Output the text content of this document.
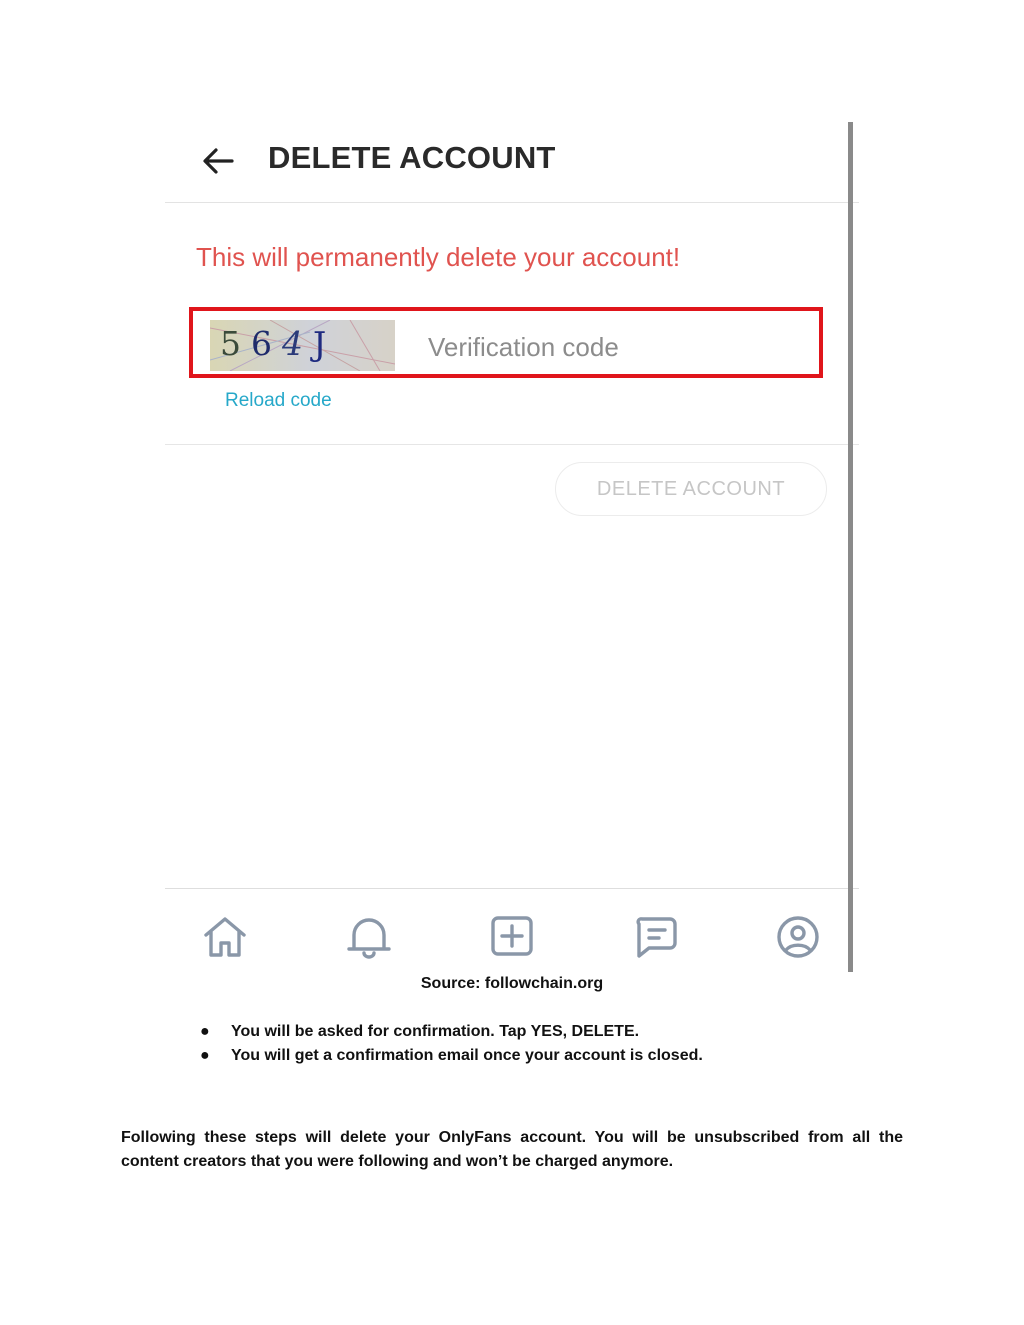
DELETE ACCOUNT
This will permanently delete your account!
564J
Verification code
Reload code
DELETE ACCOUNT
Source: followchain.org
● You will be asked for confirmation. Tap YES, DELETE.
● You will get a confirmation email once your account is closed.

Following these steps will delete your OnlyFans account. You will be unsubscribed from all the content creators that you were following and won’t be charged anymore.
